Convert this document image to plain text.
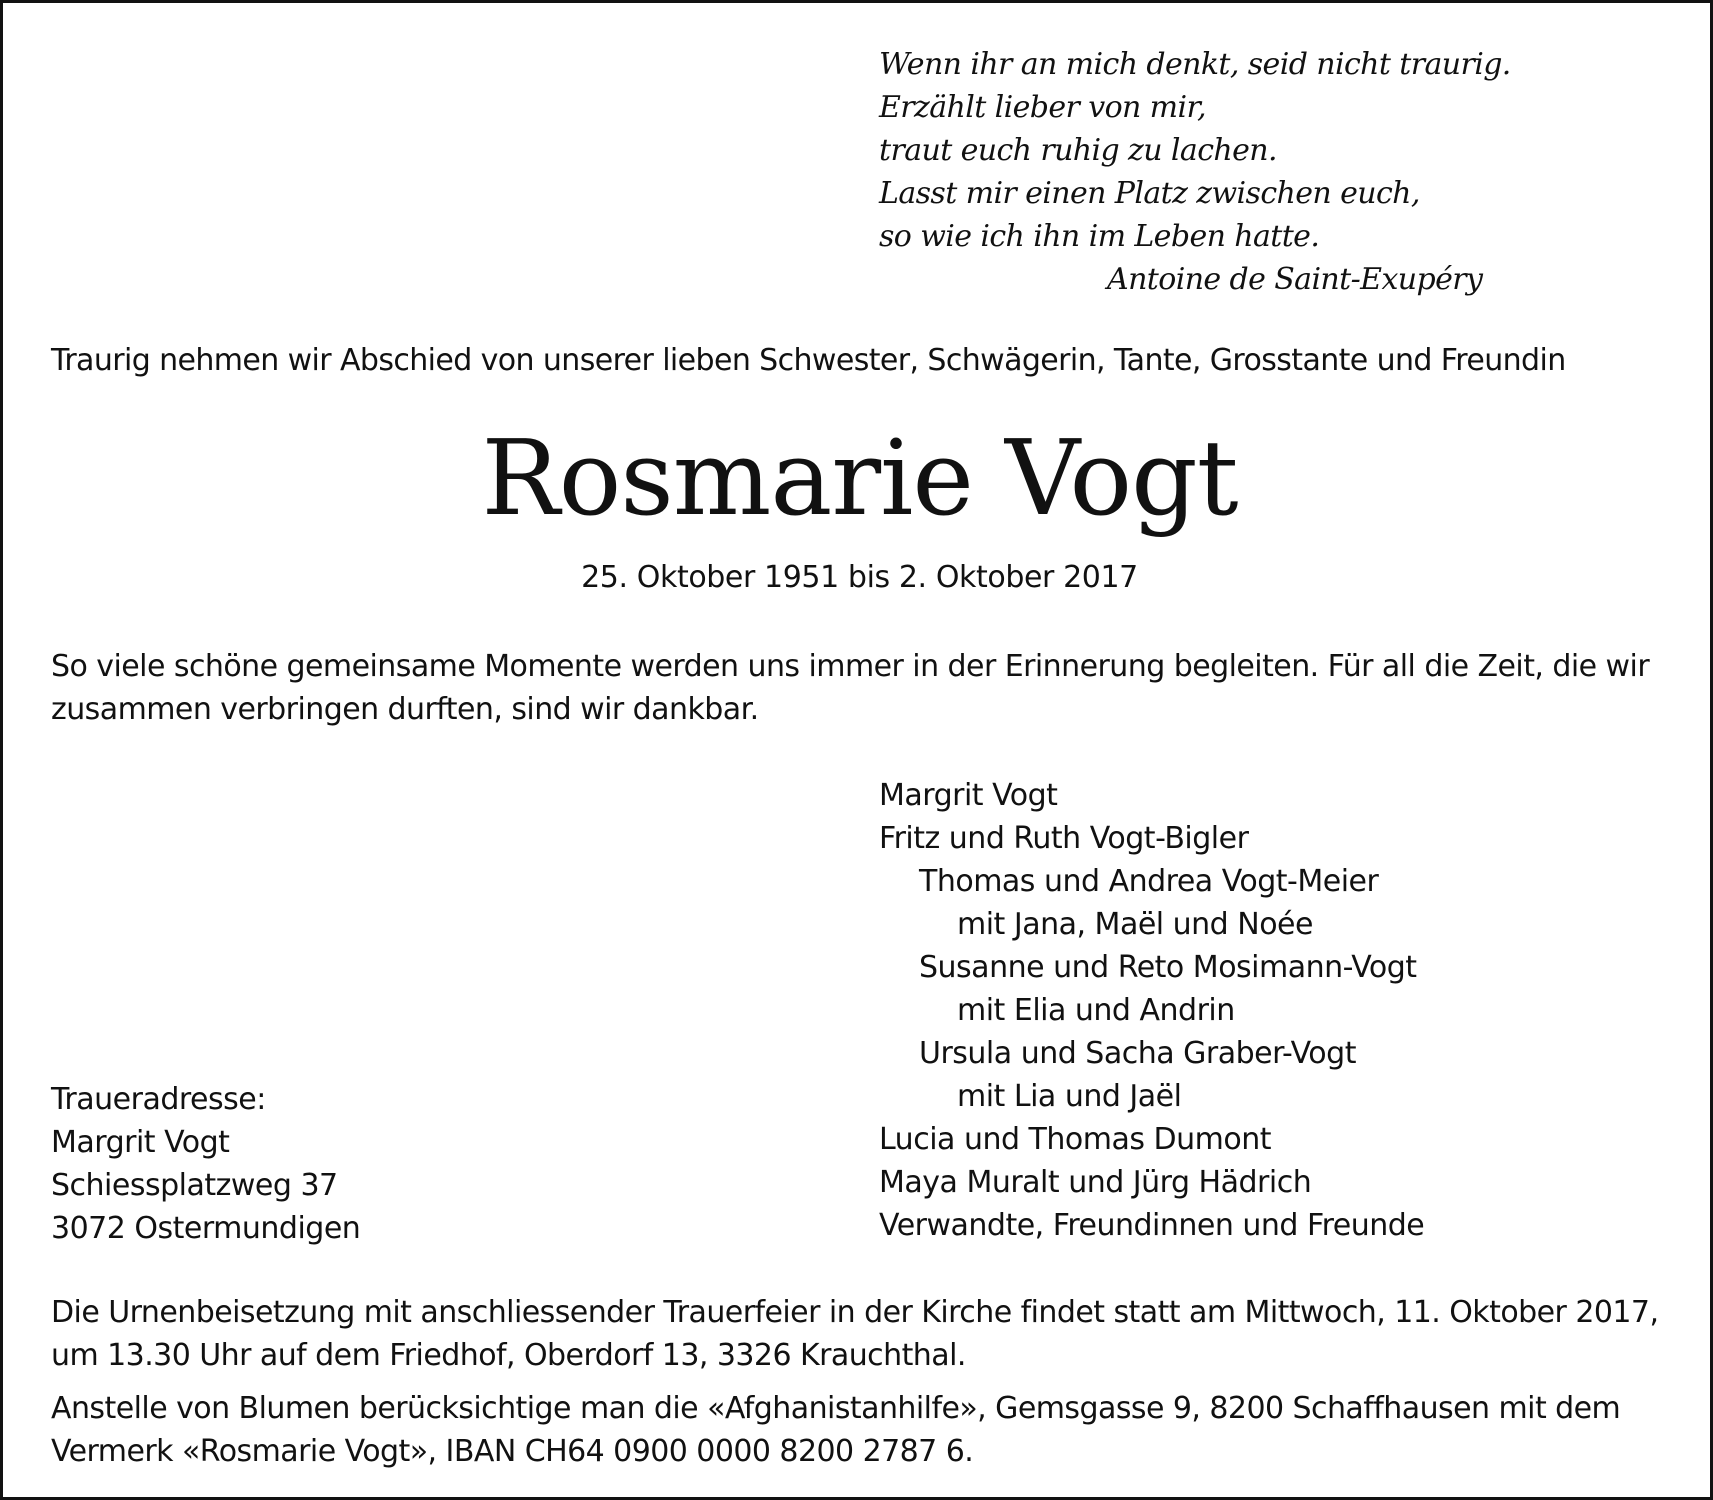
Wenn ihr an mich denkt, seid nicht traurig.
Erzählt lieber von mir,
traut euch ruhig zu lachen.
Lasst mir einen Platz zwischen euch,
so wie ich ihn im Leben hatte.
Antoine de Saint-Exupéry
Traurig nehmen wir Abschied von unserer lieben Schwester, Schwägerin, Tante, Grosstante und Freundin
Rosmarie Vogt
25. Oktober 1951 bis 2. Oktober 2017
So viele schöne gemeinsame Momente werden uns immer in der Erinnerung begleiten. Für all die Zeit, die wir
zusammen verbringen durften, sind wir dankbar.
Margrit Vogt
Fritz und Ruth Vogt-Bigler
Thomas und Andrea Vogt-Meier
mit Jana, Maël und Noée
Susanne und Reto Mosimann-Vogt
mit Elia und Andrin
Ursula und Sacha Graber-Vogt
mit Lia und Jaël
Lucia und Thomas Dumont
Maya Muralt und Jürg Hädrich
Verwandte, Freundinnen und Freunde
Traueradresse:
Margrit Vogt
Schiessplatzweg 37
3072 Ostermundigen
Die Urnenbeisetzung mit anschliessender Trauerfeier in der Kirche findet statt am Mittwoch, 11. Oktober 2017,
um 13.30 Uhr auf dem Friedhof, Oberdorf 13, 3326 Krauchthal.
Anstelle von Blumen berücksichtige man die «Afghanistanhilfe», Gemsgasse 9, 8200 Schaffhausen mit dem
Vermerk «Rosmarie Vogt», IBAN CH64 0900 0000 8200 2787 6.
